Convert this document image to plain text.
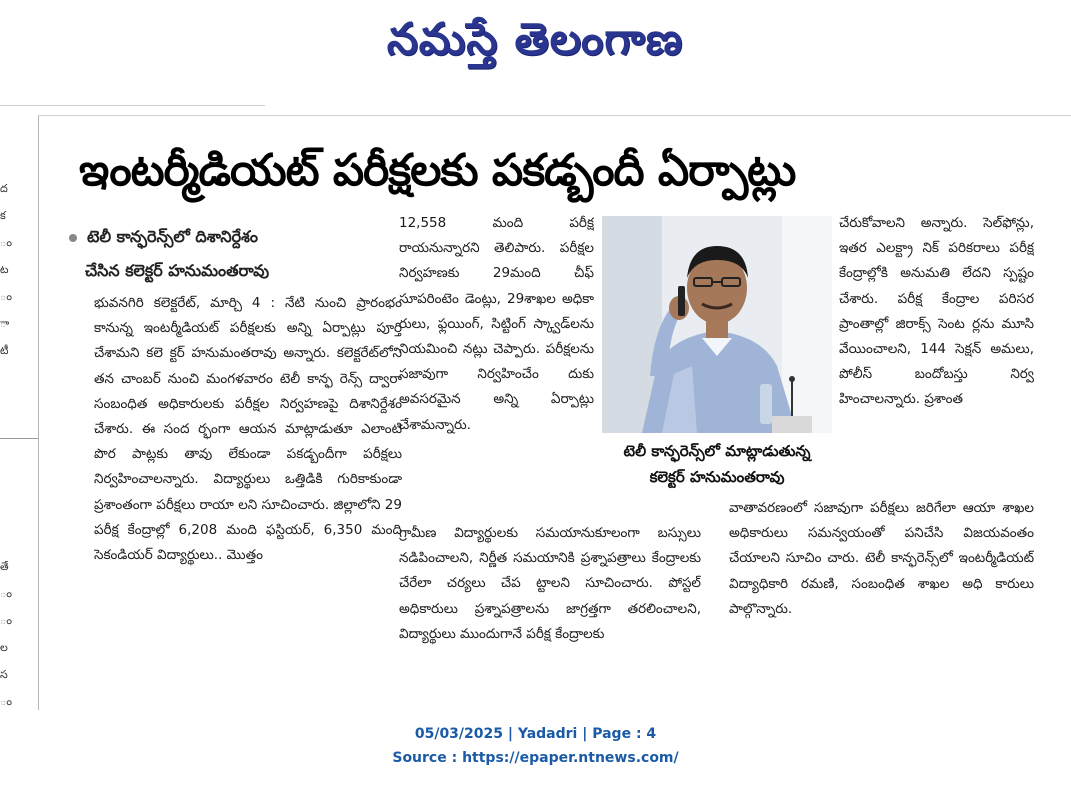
నమస్తే తెలంగాణ
ద
క
ం
ట
ం
ా
టీ
తే
ం
ం
ల
స
ం
ఇంటర్మీడియట్ పరీక్షలకు పకడ్బందీ ఏర్పాట్లు
టెలీ కాన్ఫరెన్స్‌లో దిశానిర్దేశం
చేసిన కలెక్టర్ హనుమంతరావు

భువనగిరి కలెక్టరేట్, మార్చి 4 : నేటి నుంచి ప్రారంభం కానున్న ఇంటర్మీడియట్ పరీక్షలకు అన్ని ఏర్పాట్లు పూర్తి చేశామని కలె క్టర్ హనుమంతరావు అన్నారు. కలెక్టరేట్‌లోని తన చాంబర్ నుంచి మంగళవారం టెలీ కాన్ఫ రెన్స్ ద్వారా సంబంధిత అధికారులకు పరీక్షల నిర్వహణపై దిశానిర్దేశం చేశారు. ఈ సంద ర్భంగా ఆయన మాట్లాడుతూ ఎలాంటి పొర పాట్లకు తావు లేకుండా పకడ్బందీగా పరీక్షలు నిర్వహించాలన్నారు. విద్యార్థులు ఒత్తిడికి గురికాకుండా ప్రశాంతంగా పరీక్షలు రాయా లని సూచించారు. జిల్లాలోని 29 పరీక్ష కేంద్రాల్లో 6,208 మంది ఫస్టియర్, 6,350 మంది సెకండియర్ విద్యార్థులు.. మొత్తం

12,558 మంది పరీక్ష రాయనున్నారని తెలిపారు. పరీక్షల నిర్వహణకు 29మంది చీఫ్ సూపరింటెం డెంట్లు, 29శాఖల అధికా రులు, ఫ్లయింగ్, సిట్టింగ్ స్క్వాడ్‌లను నియమించి నట్లు చెప్పారు. పరీక్షలను సజావుగా నిర్వహించేం దుకు అవసరమైన అన్ని ఏర్పాట్లు చేశామన్నారు.

గ్రామీణ విద్యార్థులకు సమయానుకూలంగా బస్సులు నడిపించాలని, నిర్ణీత సమయానికి ప్రశ్నాపత్రాలు కేంద్రాలకు చేరేలా చర్యలు చేప ట్టాలని సూచించారు. పోస్టల్ అధికారులు ప్రశ్నాపత్రాలను జాగ్రత్తగా తరలించాలని, విద్యార్థులు ముందుగానే పరీక్ష కేంద్రాలకు

టెలీ కాన్ఫరెన్స్‌లో మాట్లాడుతున్న
కలెక్టర్ హనుమంతరావు

చేరుకోవాలని అన్నారు. సెల్‌ఫోన్లు, ఇతర ఎలక్ట్రా నిక్ పరికరాలు పరీక్ష కేంద్రాల్లోకి అనుమతి లేదని స్పష్టం చేశారు. పరీక్ష కేంద్రాల పరిసర ప్రాంతాల్లో జిరాక్స్ సెంట ర్లను మూసి వేయించాలని, 144 సెక్షన్ అమలు, పోలీస్ బందోబస్తు నిర్వ హించాలన్నారు. ప్రశాంత

వాతావరణంలో సజావుగా పరీక్షలు జరిగేలా ఆయా శాఖల అధికారులు సమన్వయంతో పనిచేసి విజయవంతం చేయాలని సూచిం చారు. టెలీ కాన్ఫరెన్స్‌లో ఇంటర్మీడియట్ విద్యాధికారి రమణి, సంబంధిత శాఖల అధి కారులు పాల్గొన్నారు.

05/03/2025 | Yadadri | Page : 4
Source : https://epaper.ntnews.com/
